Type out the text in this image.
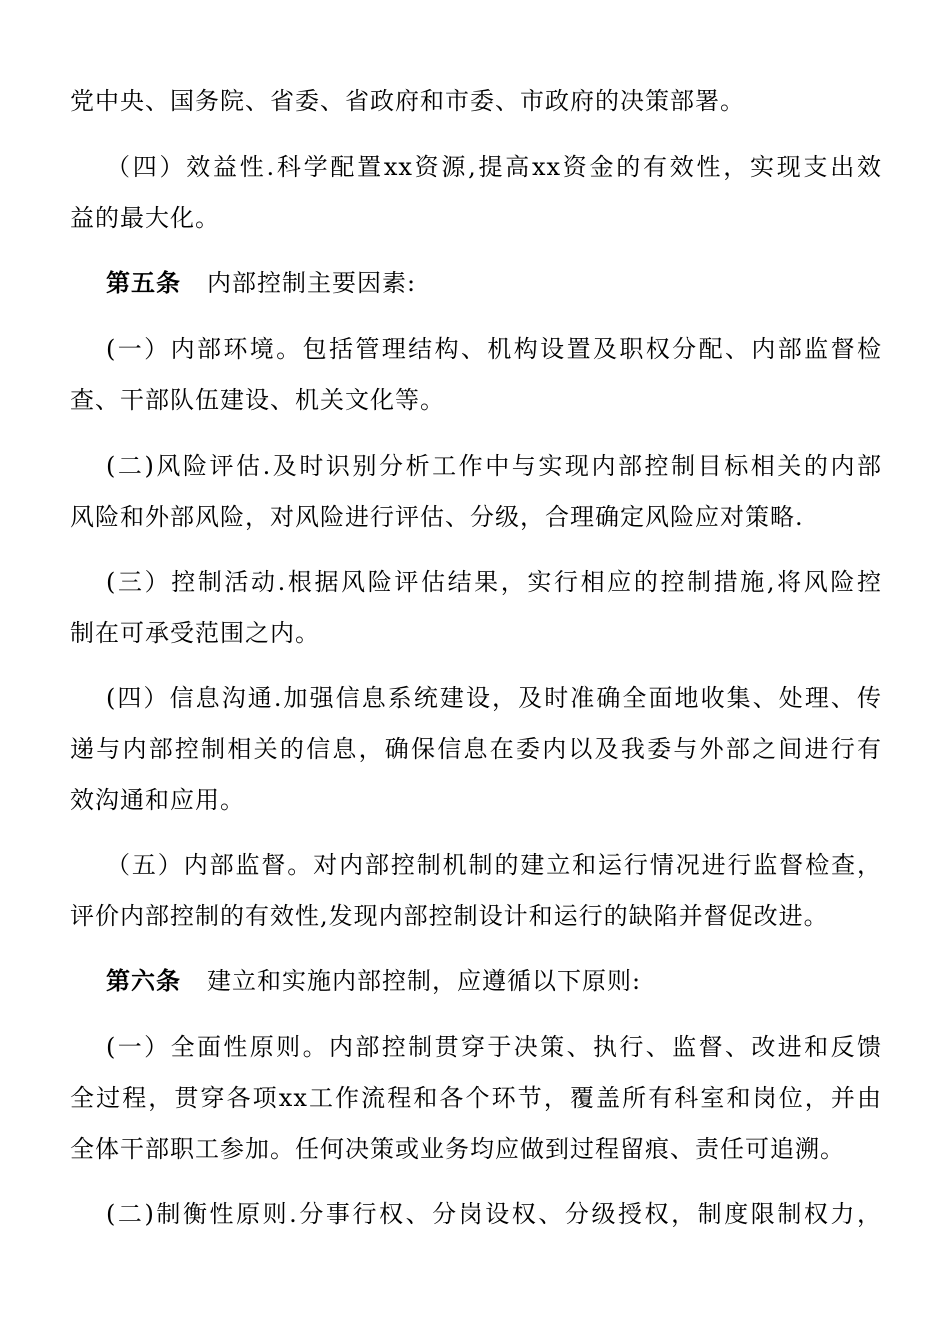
党中央、国务院、省委、省政府和市委、市政府的决策部署。
（四）效益性.科学配置xx资源,提高xx资金的有效性，实现支出效
益的最大化。
第五条 内部控制主要因素:
(一）内部环境。包括管理结构、机构设置及职权分配、内部监督检
查、干部队伍建设、机关文化等。
(二)风险评估.及时识别分析工作中与实现内部控制目标相关的内部
风险和外部风险，对风险进行评估、分级，合理确定风险应对策略.
(三）控制活动.根据风险评估结果，实行相应的控制措施,将风险控
制在可承受范围之内。
(四）信息沟通.加强信息系统建设，及时准确全面地收集、处理、传
递与内部控制相关的信息，确保信息在委内以及我委与外部之间进行有
效沟通和应用。
（五）内部监督。对内部控制机制的建立和运行情况进行监督检查，
评价内部控制的有效性,发现内部控制设计和运行的缺陷并督促改进。
第六条 建立和实施内部控制，应遵循以下原则:
(一）全面性原则。内部控制贯穿于决策、执行、监督、改进和反馈
全过程，贯穿各项xx工作流程和各个环节，覆盖所有科室和岗位，并由
全体干部职工参加。任何决策或业务均应做到过程留痕、责任可追溯。
(二)制衡性原则.分事行权、分岗设权、分级授权，制度限制权力，
